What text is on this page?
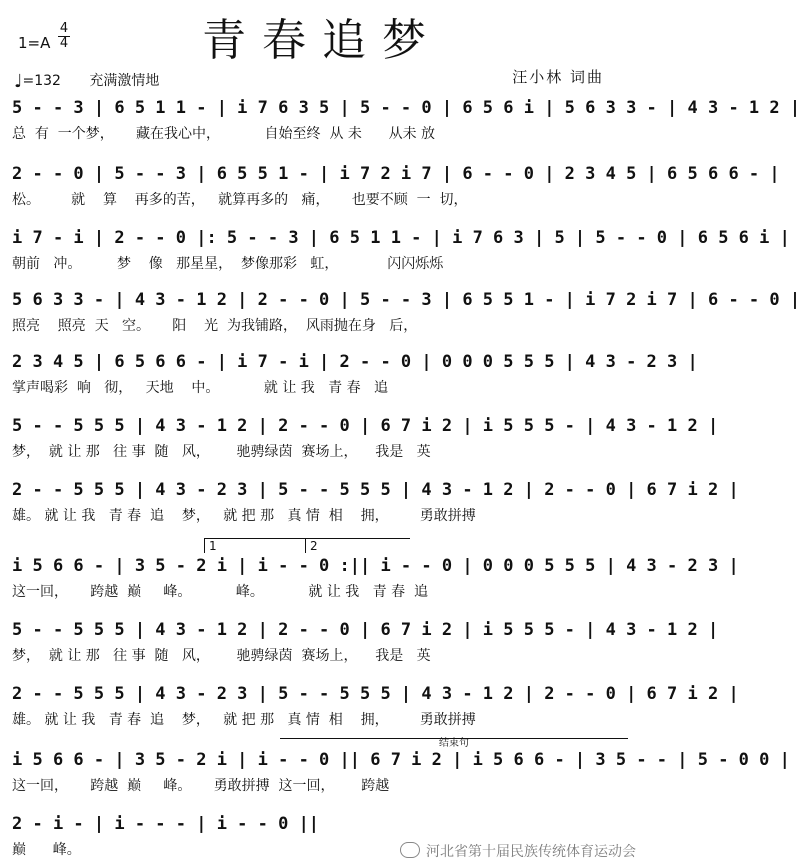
青春追梦
1=A
4
4
♩=132 充满激情地	汪小林 词曲
5 - - 3 | 6 5 1 1 - | i 7 6 3 5 | 5 - - 0 | 6 5 6 i | 5 6 3 3 - | 4 3 - 1 2 |
总  有  一个梦，     藏在我心中，          自始至终  从 未      从未 放
2 - - 0 | 5 - - 3 | 6 5 5 1 - | i 7 2 i 7 | 6 - - 0 | 2 3 4 5 | 6 5 6 6 - |
松。       就    算    再多的苦，   就算再多的   痛，     也要不顾  一  切，
i 7 - i | 2 - - 0 |: 5 - - 3 | 6 5 1 1 - | i 7 6 3 | 5 | 5 - - 0 | 6 5 6 i |
朝前   冲。        梦    像   那星星，  梦像那彩   虹，           闪闪烁烁
5 6 3 3 - | 4 3 - 1 2 | 2 - - 0 | 5 - - 3 | 6 5 5 1 - | i 7 2 i 7 | 6 - - 0 |
照亮    照亮  天   空。     阳    光  为我铺路，  风雨抛在身   后，
2 3 4 5 | 6 5 6 6 - | i 7 - i | 2 - - 0 | 0 0 0 5 5 5 | 4 3 - 2 3 |
掌声喝彩  响   彻，   天地    中。          就 让 我   青 春   追
5 - - 5 5 5 | 4 3 - 1 2 | 2 - - 0 | 6 7 i 2 | i 5 5 5 - | 4 3 - 1 2 |
梦，  就 让 那   往 事  随   风，      驰骋绿茵  赛场上，    我是   英
2 - - 5 5 5 | 4 3 - 2 3 | 5 - - 5 5 5 | 4 3 - 1 2 | 2 - - 0 | 6 7 i 2 |
雄。 就 让 我   青 春  追    梦，   就 把 那   真 情  相    拥，       勇敢拼搏
i 5 6 6 - | 3 5 - 2 i | i - - 0 :|| i - - 0 | 0 0 0 5 5 5 | 4 3 - 2 3 |
这一回，     跨越  巅     峰。          峰。          就 让 我   青 春  追
5 - - 5 5 5 | 4 3 - 1 2 | 2 - - 0 | 6 7 i 2 | i 5 5 5 - | 4 3 - 1 2 |
梦，  就 让 那   往 事  随   风，      驰骋绿茵  赛场上，    我是   英
2 - - 5 5 5 | 4 3 - 2 3 | 5 - - 5 5 5 | 4 3 - 1 2 | 2 - - 0 | 6 7 i 2 |
雄。 就 让 我   青 春  追    梦，   就 把 那   真 情  相    拥，       勇敢拼搏
i 5 6 6 - | 3 5 - 2 i | i - - 0 || 6 7 i 2 | i 5 6 6 - | 3 5 - - | 5 - 0 0 |
这一回，     跨越  巅     峰。     勇敢拼搏  这一回，      跨越
2 - i - | i - - - | i - - 0 ||
巅      峰。
1	2
结束句
河北省第十届民族传统体育运动会
